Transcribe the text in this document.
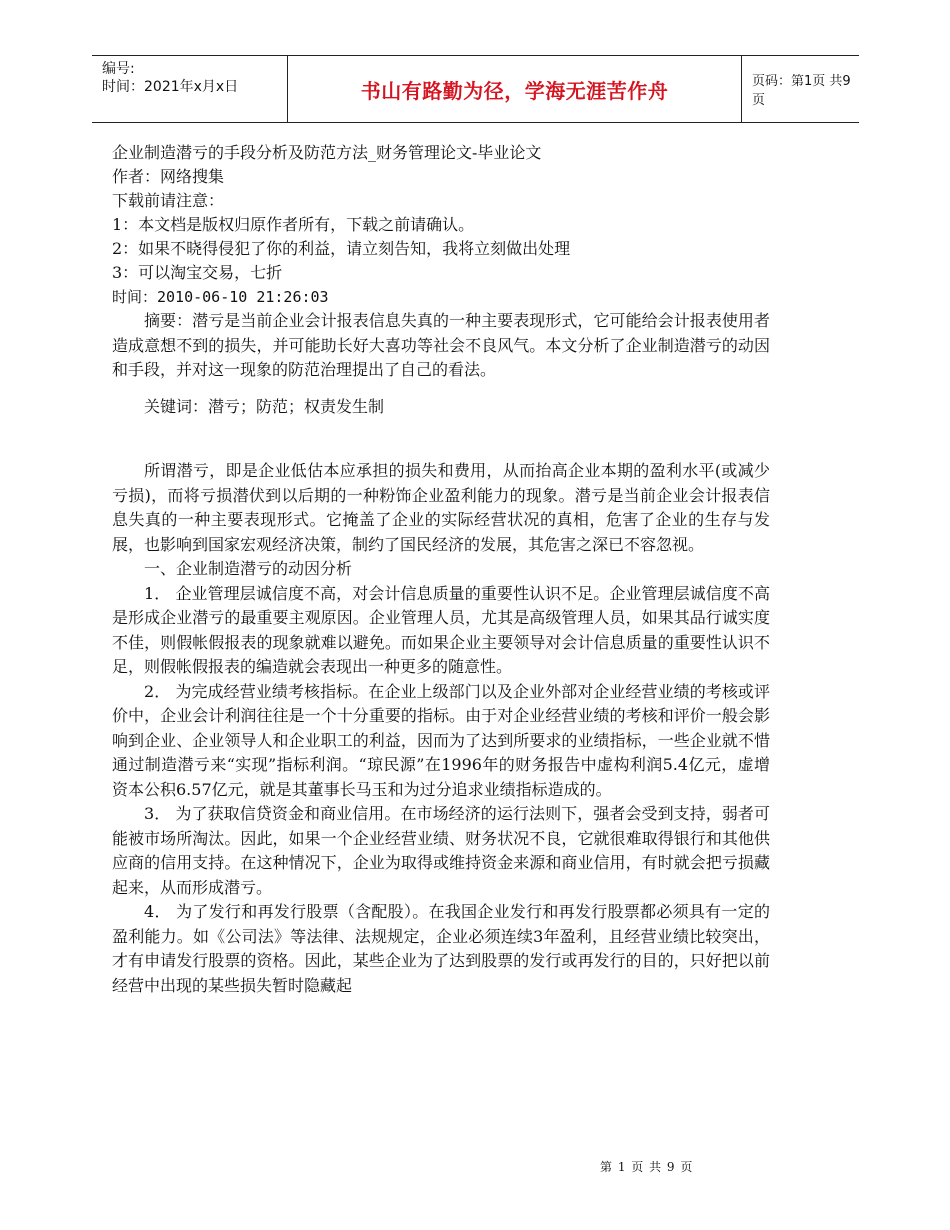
编号:
时间：2021年x月x日	书山有路勤为径，学海无涯苦作舟	页码：第1页 共9页
企业制造潜亏的手段分析及防范方法_财务管理论文-毕业论文
作者：网络搜集
下载前请注意：
1：本文档是版权归原作者所有，下载之前请确认。
2：如果不晓得侵犯了你的利益，请立刻告知，我将立刻做出处理
3：可以淘宝交易，七折
时间：2010-06-10 21:26:03

摘要：潜亏是当前企业会计报表信息失真的一种主要表现形式，它可能给会计报表使用者造成意想不到的损失，并可能助长好大喜功等社会不良风气。本文分析了企业制造潜亏的动因和手段，并对这一现象的防范治理提出了自己的看法。

关键词：潜亏；防范；权责发生制

所谓潜亏，即是企业低估本应承担的损失和费用，从而抬高企业本期的盈利水平(或减少亏损)，而将亏损潜伏到以后期的一种粉饰企业盈利能力的现象。潜亏是当前企业会计报表信息失真的一种主要表现形式。它掩盖了企业的实际经营状况的真相，危害了企业的生存与发展，也影响到国家宏观经济决策，制约了国民经济的发展，其危害之深已不容忽视。

一、企业制造潜亏的动因分析

1． 企业管理层诚信度不高，对会计信息质量的重要性认识不足。企业管理层诚信度不高是形成企业潜亏的最重要主观原因。企业管理人员，尤其是高级管理人员，如果其品行诚实度不佳，则假帐假报表的现象就难以避免。而如果企业主要领导对会计信息质量的重要性认识不足，则假帐假报表的编造就会表现出一种更多的随意性。

2． 为完成经营业绩考核指标。在企业上级部门以及企业外部对企业经营业绩的考核或评价中，企业会计利润往往是一个十分重要的指标。由于对企业经营业绩的考核和评价一般会影响到企业、企业领导人和企业职工的利益，因而为了达到所要求的业绩指标，一些企业就不惜通过制造潜亏来“实现”指标利润。“琼民源”在1996年的财务报告中虚构利润5.4亿元，虚增资本公积6.57亿元，就是其董事长马玉和为过分追求业绩指标造成的。

3． 为了获取信贷资金和商业信用。在市场经济的运行法则下，强者会受到支持，弱者可能被市场所淘汰。因此，如果一个企业经营业绩、财务状况不良，它就很难取得银行和其他供应商的信用支持。在这种情况下，企业为取得或维持资金来源和商业信用，有时就会把亏损藏起来，从而形成潜亏。

4． 为了发行和再发行股票（含配股）。在我国企业发行和再发行股票都必须具有一定的盈利能力。如《公司法》等法律、法规规定，企业必须连续3年盈利，且经营业绩比较突出，才有申请发行股票的资格。因此，某些企业为了达到股票的发行或再发行的目的，只好把以前经营中出现的某些损失暂时隐藏起

第 1 页 共 9 页
